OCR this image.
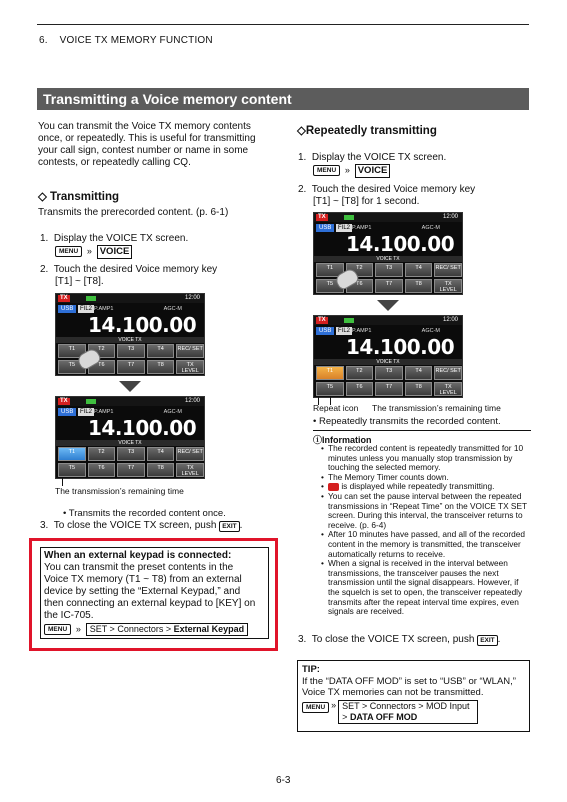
6. VOICE TX MEMORY FUNCTION
Transmitting a Voice memory content
You can transmit the Voice TX memory contents
once, or repeatedly. This is useful for transmitting
your call sign, contest number or name in some
contests, or repeatedly calling CQ.
◇ Transmitting
Transmits the prerecorded content. (p. 6-1)
1. Display the VOICE TX screen.
MENU » VOICE
2. Touch the desired Voice memory key
[T1] ~ [T8].
TX	12:00
USB	FIL2 P.AMP1	AGC-M
14.100.00
VOICE TX
T1	T2	T3	T4	REC/ SET
T5	T6	T7	T8	TX LEVEL
TX	12:00
USB	FIL2 P.AMP1	AGC-M
14.100.00
VOICE TX
T1	T2	T3	T4	REC/ SET
T5	T6	T7	T8	TX LEVEL
The transmission’s remaining time
• Transmits the recorded content once.
3. To close the VOICE TX screen, push EXIT .
When an external keypad is connected:
You can transmit the preset contents in the
Voice TX memory (T1 ~ T8) from an external
device by setting the “External Keypad,” and
then connecting an external keypad to [KEY] on
the IC-705.
MENU » SET > Connectors > External Keypad
◇Repeatedly transmitting
1. Display the VOICE TX screen.
MENU » VOICE
2. Touch the desired Voice memory key
[T1] ~ [T8] for 1 second.
TX	12:00
USB	FIL2 P.AMP1	AGC-M
14.100.00
VOICE TX
T1	T2	T3	T4	REC/ SET
T5	T6	T7	T8	TX LEVEL
TX	12:00
USB	FIL2 P.AMP1	AGC-M
14.100.00
VOICE TX
T1	T2	T3	T4	REC/ SET
T5	T6	T7	T8	TX LEVEL
Repeat icon The transmission’s remaining time
• Repeatedly transmits the recorded content.
ⓘInformation
• The recorded content is repeatedly transmitted for 10 minutes unless you manually stop transmission by touching the selected memory.
• The Memory Timer counts down.
• is displayed while repeatedly transmitting.
• You can set the pause interval between the repeated transmissions in “Repeat Time” on the VOICE TX SET screen. During this interval, the transceiver returns to receive. (p. 6-4)
• After 10 minutes have passed, and all of the recorded content in the memory is transmitted, the transceiver automatically returns to receive.
• When a signal is received in the interval between transmissions, the transceiver pauses the next transmission until the signal disappears. However, if the squelch is set to open, the transceiver repeatedly transmits after the repeat interval time expires, even signals are received.
3. To close the VOICE TX screen, push EXIT .
TIP:
If the “DATA OFF MOD” is set to “USB” or “WLAN,”
Voice TX memories can not be transmitted.
MENU » SET > Connectors > MOD Input
> DATA OFF MOD
6-3
